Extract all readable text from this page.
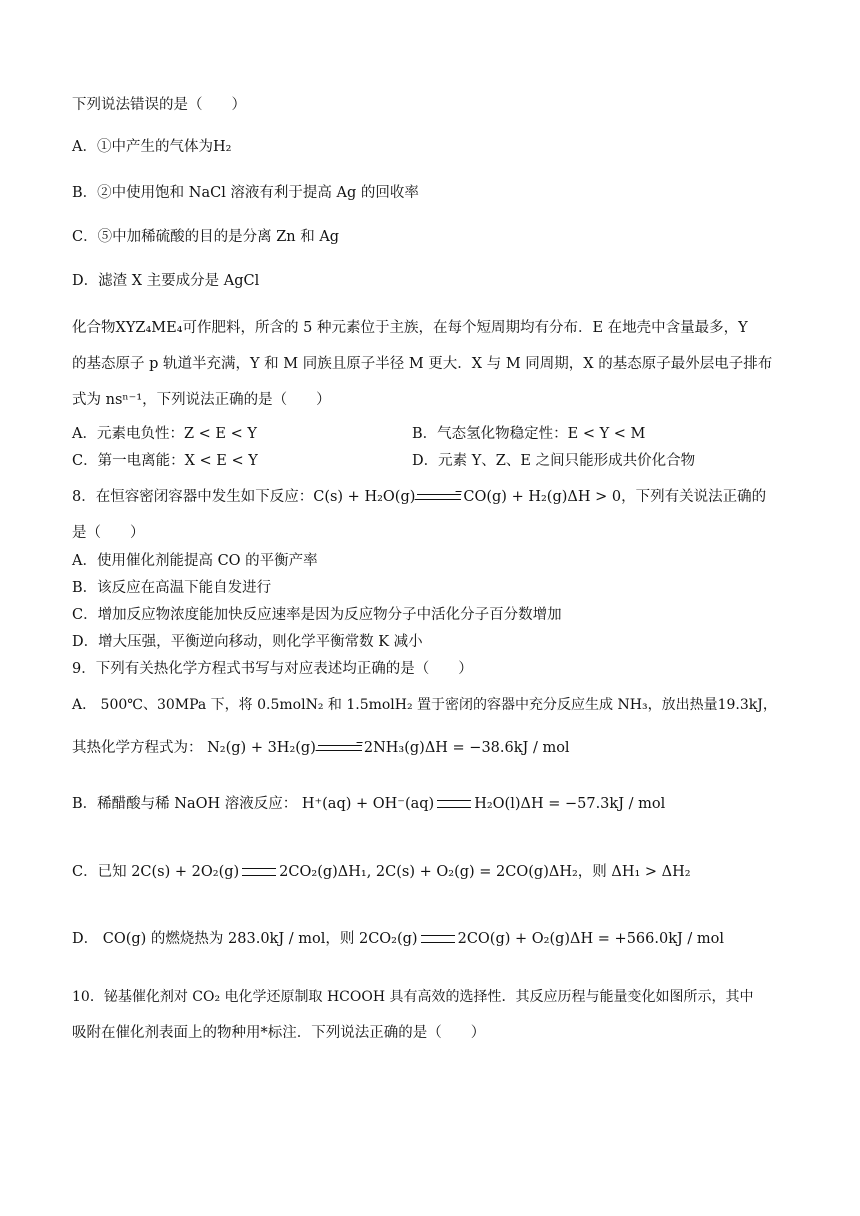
下列说法错误的是（　　）
A．①中产生的气体为H₂
B．②中使用饱和 NaCl 溶液有利于提高 Ag 的回收率
C．⑤中加稀硫酸的目的是分离 Zn 和 Ag
D．滤渣 X 主要成分是 AgCl
化合物XYZ₄ME₄可作肥料，所含的 5 种元素位于主族，在每个短周期均有分布．E 在地壳中含量最多，Y
的基态原子 p 轨道半充满，Y 和 M 同族且原子半径 M 更大．X 与 M 同周期，X 的基态原子最外层电子排布
式为 nsⁿ⁻¹，下列说法正确的是（　　）
A．元素电负性：Z < E < Y	B．气态氢化物稳定性：E < Y < M
C．第一电离能：X < E < Y	D．元素 Y、Z、E 之间只能形成共价化合物
8．在恒容密闭容器中发生如下反应：C(s) + H₂O(g)	CO(g) + H₂(g)ΔH > 0，下列有关说法正确的
是（　　）
A．使用催化剂能提高 CO 的平衡产率
B．该反应在高温下能自发进行
C．增加反应物浓度能加快反应速率是因为反应物分子中活化分子百分数增加
D．增大压强，平衡逆向移动，则化学平衡常数 K 减小
9．下列有关热化学方程式书写与对应表述均正确的是（　　）
A． 500℃、30MPa 下，将 0.5molN₂ 和 1.5molH₂ 置于密闭的容器中充分反应生成 NH₃，放出热量19.3kJ，
其热化学方程式为： N₂(g) + 3H₂(g)	2NH₃(g)ΔH = −38.6kJ / mol
B．稀醋酸与稀 NaOH 溶液反应： H⁺(aq) + OH⁻(aq)	H₂O(l)ΔH = −57.3kJ / mol
C．已知 2C(s) + 2O₂(g)	2CO₂(g)ΔH₁, 2C(s) + O₂(g) = 2CO(g)ΔH₂，则 ΔH₁ > ΔH₂
D． CO(g) 的燃烧热为 283.0kJ / mol，则 2CO₂(g)	2CO(g) + O₂(g)ΔH = +566.0kJ / mol
10．铋基催化剂对 CO₂ 电化学还原制取 HCOOH 具有高效的选择性．其反应历程与能量变化如图所示，其中
吸附在催化剂表面上的物种用*标注．下列说法正确的是（　　）
